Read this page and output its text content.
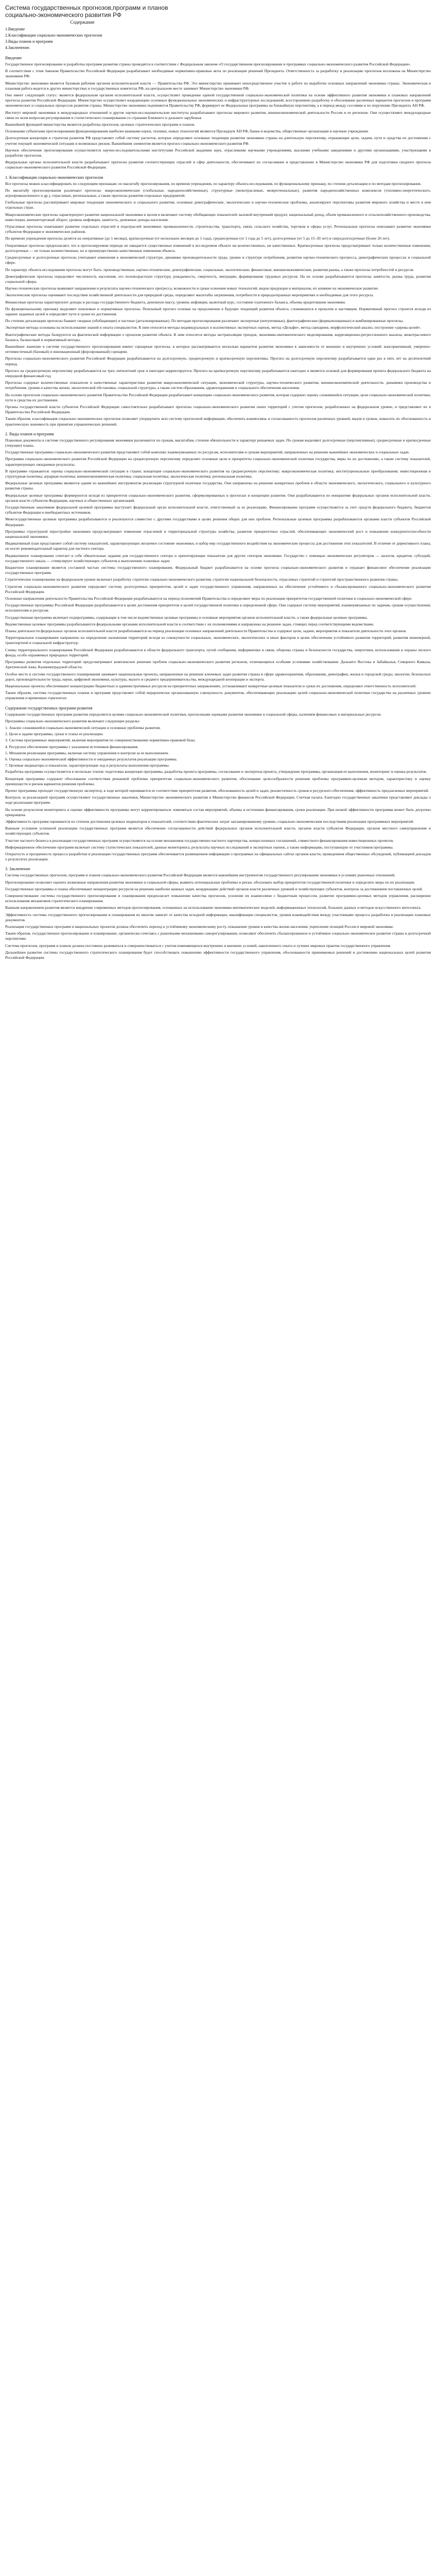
Система государственных прогнозов,программ и планов социально-экономического развития РФ
Содержание
1.Введение
2.Классификация социально-экономических прогнозов
3.Виды планов и программ
4.Заключение.
Введение

Государственное прогнозирование и разработка программ развития страны проводятся в соответствии с Федеральным законом «О государственном прогнозировании и программах социально-экономического развития Российской Федерации».

В соответствии с этим Законом Правительство Российской Федерации разрабатывает необходимые нормативно-правовые акты по реализации решений Президента. Ответственность за разработку и реализацию прогнозов возложена на Министерство экономики РФ.

Министерство экономики является базовым рабочим органом исполнительной власти — Правительства РФ. Это министерство принимает непосредственное участие в работе по выработке основных направлений экономики страны. Экономическая и плановая работа ведется в других министерствах и государственных комитетах РФ, на центральном месте занимает Министерство экономики РФ.

Оно имеет следующий статус: является федеральным органом исполнительной власти, осуществляет проведение единой государственной социально-экономической политики на основе эффективного развития экономики и плановых направлений прогноза развития Российской Федерации. Министерство осуществляет координацию основных функциональных экономических и инфраструктурных исследований, всестороннюю разработку и обоснование различных вариантов прогнозов и программ экономических и социальных процессов развития страны. Министерство экономики подчиняется Правительству РФ, формирует ее Федеральные программы на ближайшую перспективу, а в период между сессиями и по поручению Президента АН РФ.

Институт мировой экономики и международных отношений и другие научно-исследовательские институты разрабатывают прогнозы мирового развития, внешнеэкономической деятельности России и ее регионов. Они осуществляют международные связи по всем вопросам регулирования и статистического планирования со странами Ближнего и дальнего зарубежья.

Важнейшей функцией министерства является разработка прогнозов, целевых стратегических программ и планов.

Основными субъектами прогнозирования функционирования наиболее важными науки, техники, новых технологий являются Президиум АН РФ, банки и ведомства, общественные организации и научные учреждения.

Долгосрочная концепция и стратегия развития РФ представляет собой систему расчетов, которые определяют основные тенденции развития экономики страны на длительную перспективу, отражающие цели, задачи, пути и средства их достижения с учетом текущей экономической ситуации и возможных рисков. Важнейшим элементом является прогноз социально-экономического развития РФ.

Научное обеспечение прогнозирования осуществляется научно-исследовательскими институтами Российской академии наук, отраслевыми научными учреждениями, высшими учебными заведениями и другими организациями, участвующими в разработке прогнозов.

Федеральные органы исполнительной власти разрабатывают прогнозы развития соответствующих отраслей и сфер деятельности, обеспечивают их согласование и представление в Министерство экономики РФ для подготовки сводного прогноза социально-экономического развития Российской Федерации.

1. Классификация социально-экономических прогнозов

Все прогнозы можно классифицировать по следующим признакам: по масштабу прогнозирования, по времени упреждения, по характеру объекта исследования, по функциональному признаку, по степени детализации и по методам прогнозирования.

По масштабу прогнозирования различают прогнозы: макроэкономические (глобальные, народнохозяйственные), структурные (межотраслевые, межрегиональные), развития народнохозяйственных комплексов (топливно-энергетического, агропромышленного и др.), отраслевые, региональные, а также прогнозы развития отдельных предприятий.

Глобальные прогнозы рассматривают мировые тенденции экономического и социального развития, основные демографические, экологические и научно-технические проблемы, анализируют перспективы развития мирового хозяйства и место в нем отдельных стран.

Макроэкономические прогнозы характеризуют развитие национальной экономики в целом и включают систему обобщающих показателей: валовой внутренний продукт, национальный доход, объем промышленного и сельскохозяйственного производства, инвестиции, внешнеторговый оборот, уровень инфляции, занятость, денежные доходы населения.

Отраслевые прогнозы охватывают развитие отдельных отраслей и подотраслей экономики: промышленности, строительства, транспорта, связи, сельского хозяйства, торговли и сферы услуг. Региональные прогнозы описывают развитие экономики субъектов Федерации и экономических районов.

По времени упреждения прогнозы делятся на оперативные (до 1 месяца), краткосрочные (от нескольких месяцев до 1 года), среднесрочные (от 1 года до 5 лет), долгосрочные (от 5 до 15–20 лет) и сверхдолгосрочные (более 20 лет).

Оперативные прогнозы предполагают, что в прогнозируемом периоде не ожидается существенных изменений в исследуемом объекте ни количественных, ни качественных. Краткосрочные прогнозы предусматривают только количественные изменения, долгосрочные — не только количественные, но и преимущественно качественные изменения объекта.

Среднесрочные и долгосрочные прогнозы учитывают изменения в экономической структуре, динамике производительности труда, уровне и структуре потребления, развитии научно-технического прогресса, демографических процессах и социальной сфере.

По характеру объекта исследования прогнозы могут быть: производственные, научно-технические, демографические, социальные, экологические, финансовые, внешнеэкономические, развития рынка, а также прогнозы потребностей и ресурсов.

Демографические прогнозы определяют численность населения, его половозрастную структуру, рождаемость, смертность, миграцию, формирование трудовых ресурсов. На их основе разрабатываются прогнозы занятости, рынка труда, развития социальной сферы.

Научно-технические прогнозы выявляют направления и результаты научно-технического прогресса, возможности и сроки освоения новых технологий, видов продукции и материалов, их влияние на экономическое развитие.

Экологические прогнозы оценивают последствия хозяйственной деятельности для природной среды, определяют масштабы загрязнения, потребности в природоохранных мероприятиях и необходимые для этого ресурсы.

Финансовые прогнозы характеризуют доходы и расходы государственного бюджета, денежную массу, уровень инфляции, валютный курс, состояние платежного баланса, объемы кредитования экономики.

По функциональному признаку выделяют поисковые и нормативные прогнозы. Поисковый прогноз основан на продолжении в будущее тенденций развития объекта, сложившихся в прошлом и настоящем. Нормативный прогноз строится исходя из заранее заданных целей и определяет пути и сроки их достижения.

По степени детализации прогнозы бывают сводные (обобщающие) и частные (детализированные). По методам прогнозирования различают экспертные (интуитивные), фактографические (формализованные) и комбинированные прогнозы.

Экспертные методы основаны на использовании знаний и опыта специалистов. К ним относятся методы индивидуальных и коллективных экспертных оценок, метод «Дельфи», метод сценариев, морфологический анализ, построение «дерева целей».

Фактографические методы базируются на фактической информации о прошлом развитии объекта. К ним относятся методы экстраполяции трендов, экономико-математического моделирования, корреляционно-регрессионного анализа, межотраслевого баланса, балансовый и нормативный методы.

Важнейшее значение в системе государственного прогнозирования имеют сценарные прогнозы, в которых рассматриваются несколько вариантов развития экономики в зависимости от внешних и внутренних условий: консервативный, умеренно-оптимистичный (базовый) и инновационный (форсированный) сценарии.

Прогнозы социально-экономического развития Российской Федерации разрабатываются на долгосрочную, среднесрочную и краткосрочную перспективы. Прогноз на долгосрочную перспективу разрабатывается один раз в пять лет на десятилетний период.

Прогноз на среднесрочную перспективу разрабатывается на трех–пятилетний срок и ежегодно корректируется. Прогноз на краткосрочную перспективу разрабатывается ежегодно и является основой для формирования проекта федерального бюджета на очередной финансовый год.

Прогнозы содержат количественные показатели и качественные характеристики развития макроэкономической ситуации, экономической структуры, научно-технического развития, внешнеэкономической деятельности, динамики производства и потребления, уровня и качества жизни, экологической обстановки, социальной структуры, а также систем образования, здравоохранения и социального обеспечения населения.

На основе прогнозов социально-экономического развития Правительство Российской Федерации разрабатывает концепцию социально-экономического развития, которая содержит оценку сложившейся ситуации, цели социально-экономической политики, пути и средства их достижения.

Органы государственной власти субъектов Российской Федерации самостоятельно разрабатывают прогнозы социально-экономического развития своих территорий с учетом прогнозов, разработанных на федеральном уровне, и представляют их в Правительство Российской Федерации.

Таким образом, классификация социально-экономических прогнозов позволяет упорядочить всю систему прогнозной информации, обеспечить взаимосвязь и согласованность прогнозов различных уровней, видов и сроков, повысить их обоснованность и практическую значимость при принятии управленческих решений.

2. Виды планов и программ

Плановые документы в системе государственного регулирования экономики различаются по срокам, масштабам, степени обязательности и характеру решаемых задач. По срокам выделяют долгосрочные (перспективные), среднесрочные и краткосрочные (текущие) планы.

Государственные программы социально-экономического развития представляют собой комплекс взаимоувязанных по ресурсам, исполнителям и срокам мероприятий, направленных на решение важнейших экономических и социальных задач.

Программа социально-экономического развития Российской Федерации на среднесрочную перспективу определяет основные цели и приоритеты социально-экономической политики государства, меры по их достижению, а также систему показателей, характеризующих ожидаемые результаты.

В программе отражаются: оценка социально-экономической ситуации в стране; концепция социально-экономического развития на среднесрочную перспективу; макроэкономическая политика; институциональные преобразования; инвестиционная и структурная политика; аграрная политика; внешнеэкономическая политика; социальная политика; экологическая политика; региональная политика.

Федеральные целевые программы являются одним из важнейших инструментов реализации структурной политики государства. Они направлены на решение конкретных проблем в области экономического, экологического, социального и культурного развития страны.

Федеральные целевые программы формируются исходя из приоритетов социально-экономического развития, сформулированных в прогнозах и концепции развития. Они разрабатываются по инициативе федеральных органов исполнительной власти, органов власти субъектов Федерации, научных и общественных организаций.

Государственным заказчиком федеральной целевой программы выступает федеральный орган исполнительной власти, ответственный за ее реализацию. Финансирование программ осуществляется за счет средств федерального бюджета, бюджетов субъектов Федерации и внебюджетных источников.

Межгосударственные целевые программы разрабатываются и реализуются совместно с другими государствами в целях решения общих для них проблем. Региональные целевые программы разрабатываются органами власти субъектов Российской Федерации.

Программы структурной перестройки экономики предусматривают изменение отраслевой и территориальной структуры хозяйства, развитие приоритетных отраслей, обеспечивающих экономический рост и повышение конкурентоспособности национальной экономики.

Индикативный план представляет собой систему показателей, характеризующих желаемое состояние экономики, и набор мер государственного воздействия на экономические процессы для достижения этих показателей. В отличие от директивного плана, он носит рекомендательный характер для частного сектора.

Индикативное планирование сочетает в себе обязательные задания для государственного сектора и ориентирующие показатели для других секторов экономики. Государство с помощью экономических регуляторов — налогов, кредитов, субсидий, государственного заказа — стимулирует хозяйствующих субъектов к выполнению плановых задач.

Бюджетное планирование является составной частью системы государственного планирования. Федеральный бюджет разрабатывается на основе прогноза социально-экономического развития и отражает финансовое обеспечение реализации государственных программ.

Стратегическое планирование на федеральном уровне включает разработку стратегии социально-экономического развития, стратегии национальной безопасности, отраслевых стратегий и стратегий пространственного развития страны.

Стратегия социально-экономического развития определяет систему долгосрочных приоритетов, целей и задач государственного управления, направленных на обеспечение устойчивого и сбалансированного социально-экономического развития Российской Федерации.

Основные направления деятельности Правительства Российской Федерации разрабатываются на период полномочий Правительства и определяют меры по реализации приоритетов государственной политики в социально-экономической сфере.

Государственные программы Российской Федерации разрабатываются в целях достижения приоритетов и целей государственной политики в определенной сфере. Они содержат систему мероприятий, взаимоувязанных по задачам, срокам осуществления, исполнителям и ресурсам.

Государственная программа включает подпрограммы, содержащие в том числе ведомственные целевые программы и основные мероприятия органов исполнительной власти, а также федеральные целевые программы.

Ведомственные целевые программы разрабатываются федеральными органами исполнительной власти в соответствии с их полномочиями и направлены на решение задач, стоящих перед соответствующими ведомствами.

Планы деятельности федеральных органов исполнительной власти разрабатываются на период реализации основных направлений деятельности Правительства и содержат цели, задачи, мероприятия и показатели деятельности этих органов.

Территориальное планирование направлено на определение назначения территорий исходя из совокупности социальных, экономических, экологических и иных факторов в целях обеспечения устойчивого развития территорий, развития инженерной, транспортной и социальной инфраструктур.

Схемы территориального планирования Российской Федерации разрабатываются в области федерального транспорта, путей сообщения, информатики и связи, обороны страны и безопасности государства, энергетики, использования и охраны лесного фонда, особо охраняемых природных территорий.

Программы развития отдельных территорий предусматривают комплексное решение проблем социально-экономического развития регионов, отличающихся особыми условиями хозяйствования: Дальнего Востока и Забайкалья, Северного Кавказа, Арктической зоны, Калининградской области.

Особое место в системе государственного планирования занимают национальные проекты, направленные на решение ключевых задач развития страны в сфере здравоохранения, образования, демографии, жилья и городской среды, экологии, безопасных дорог, производительности труда, науки, цифровой экономики, культуры, малого и среднего предпринимательства, международной кооперации и экспорта.

Национальные проекты обеспечивают концентрацию бюджетных и административных ресурсов на приоритетных направлениях, устанавливают конкретные целевые показатели и сроки их достижения, определяют ответственность исполнителей.

Таким образом, система государственных планов и программ представляет собой иерархически организованную совокупность документов, обеспечивающих реализацию целей социально-экономической политики государства на различных уровнях управления и временных горизонтах.

Содержание государственных программ развития

Содержание государственных программ развития определяется целями социально-экономической политики, прогнозными оценками развития экономики и социальной сферы, наличием финансовых и материальных ресурсов.

Программы социально-экономического развития включают следующие разделы:

1. Анализ сложившейся социально-экономической ситуации и основные проблемы развития.

2. Цели и задачи программы, сроки и этапы ее реализации.

3. Система программных мероприятий, включая мероприятия по совершенствованию нормативно-правовой базы.

4. Ресурсное обеспечение программы с указанием источников финансирования.

5. Механизм реализации программы, включая систему управления и контроля за ее выполнением.

6. Оценка социально-экономической эффективности и ожидаемых результатов реализации программы.

7. Целевые индикаторы и показатели, характеризующие ход и результаты выполнения программы.

Разработка программы осуществляется в несколько этапов: подготовка концепции программы, разработка проекта программы, согласование и экспертиза проекта, утверждение программы, организация ее выполнения, мониторинг и оценка результатов.

Концепция программы содержит обоснование соответствия решаемой проблемы приоритетам социально-экономического развития, обоснование целесообразности решения проблемы программно-целевым методом, характеристику и оценку преимуществ и рисков вариантов решения проблемы.

Проект программы проходит государственную экспертизу, в ходе которой оцениваются ее соответствие приоритетам развития, обоснованность целей и задач, реалистичность сроков и ресурсного обеспечения, эффективность предлагаемых мероприятий.

Контроль за реализацией программ осуществляют государственные заказчики, Министерство экономического развития и Министерство финансов Российской Федерации, Счетная палата. Ежегодно государственные заказчики представляют доклады о ходе реализации программ.

На основе результатов мониторинга и оценки эффективности программы могут корректироваться: изменяться состав мероприятий, объемы и источники финансирования, сроки реализации. При низкой эффективности программа может быть досрочно прекращена.

Эффективность программ оценивается по степени достижения целевых индикаторов и показателей, соответствию фактических затрат запланированному уровню, социально-экономическим последствиям реализации программных мероприятий.

Важным условием успешной реализации государственных программ является обеспечение согласованности действий федеральных органов исполнительной власти, органов власти субъектов Федерации, органов местного самоуправления и хозяйствующих субъектов.

Участие частного бизнеса в реализации государственных программ осуществляется на основе механизмов государственно-частного партнерства, концессионных соглашений, совместного финансирования инвестиционных проектов.

Информационное обеспечение программ включает систему статистических показателей, данные мониторинга, результаты научных исследований и экспертных оценок, а также информацию, поступающую от участников программы.

Открытость и прозрачность процесса разработки и реализации государственных программ обеспечивается размещением информации о программах на официальных сайтах органов власти, проведением общественных обсуждений, публикацией докладов о результатах реализации.

3. Заключение

Система государственных прогнозов, программ и планов социально-экономического развития Российской Федерации является важнейшим инструментом государственного регулирования экономики в условиях рыночных отношений.

Прогнозирование позволяет оценить возможные направления развития экономики и социальной сферы, выявить потенциальные проблемы и риски, обосновать выбор приоритетов государственной политики и определить меры по их реализации.

Государственные программы и планы обеспечивают концентрацию ресурсов на решении наиболее важных задач, координацию действий органов власти различных уровней и хозяйствующих субъектов, контроль за достижением поставленных целей.

Совершенствование системы государственного прогнозирования и планирования предполагает повышение качества прогнозов, усиление их взаимосвязи с бюджетным процессом, развитие программно-целевых методов управления, расширение использования механизмов стратегического планирования.

Важным направлением развития является внедрение современных методов прогнозирования, основанных на использовании экономико-математических моделей, информационных технологий, больших данных и методов искусственного интеллекта.

Эффективность системы государственного прогнозирования и планирования во многом зависит от качества исходной информации, квалификации специалистов, уровня взаимодействия между участниками процесса разработки и реализации плановых документов.

Реализация государственных программ и национальных проектов должна обеспечить переход к устойчивому экономическому росту, повышение уровня и качества жизни населения, укрепление позиций России в мировой экономике.

Таким образом, государственное прогнозирование и планирование, органически сочетаясь с рыночными механизмами саморегулирования, позволяют обеспечить сбалансированное и устойчивое социально-экономическое развитие страны в долгосрочной перспективе.

Система прогнозов, программ и планов должна постоянно развиваться и совершенствоваться с учетом изменяющихся внутренних и внешних условий, накопленного опыта и лучших мировых практик государственного управления.

Дальнейшее развитие системы государственного стратегического планирования будет способствовать повышению эффективности государственного управления, обоснованности принимаемых решений и достижению национальных целей развития Российской Федерации.
